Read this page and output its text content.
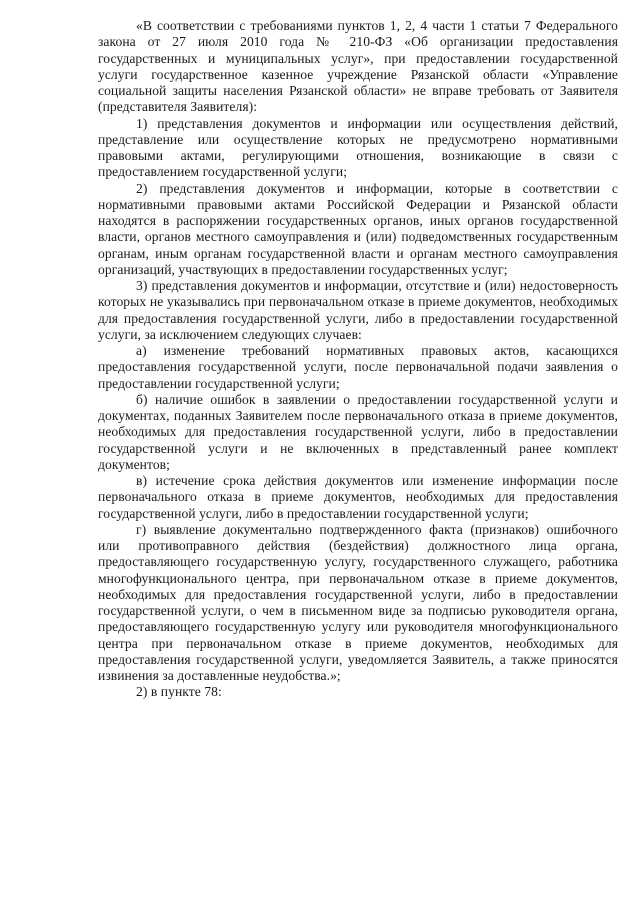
«В соответствии с требованиями пунктов 1, 2, 4 части 1 статьи 7 Федерального закона от 27 июля 2010 года № 210-ФЗ «Об организации предоставления государственных и муниципальных услуг», при предоставлении государственной услуги государственное казенное учреждение Рязанской области «Управление социальной защиты населения Рязанской области» не вправе требовать от Заявителя (представителя Заявителя):

1) представления документов и информации или осуществления действий, представление или осуществление которых не предусмотрено нормативными правовыми актами, регулирующими отношения, возникающие в связи с предоставлением государственной услуги;

2) представления документов и информации, которые в соответствии с нормативными правовыми актами Российской Федерации и Рязанской области находятся в распоряжении государственных органов, иных органов государственной власти, органов местного самоуправления и (или) подведомственных государственным органам, иным органам государственной власти и органам местного самоуправления организаций, участвующих в предоставлении государственных услуг;

3) представления документов и информации, отсутствие и (или) недостоверность которых не указывались при первоначальном отказе в приеме документов, необходимых для предоставления государственной услуги, либо в предоставлении государственной услуги, за исключением следующих случаев:

а) изменение требований нормативных правовых актов, касающихся предоставления государственной услуги, после первоначальной подачи заявления о предоставлении государственной услуги;

б) наличие ошибок в заявлении о предоставлении государственной услуги и документах, поданных Заявителем после первоначального отказа в приеме документов, необходимых для предоставления государственной услуги, либо в предоставлении государственной услуги и не включенных в представленный ранее комплект документов;

в) истечение срока действия документов или изменение информации после первоначального отказа в приеме документов, необходимых для предоставления государственной услуги, либо в предоставлении государственной услуги;

г) выявление документально подтвержденного факта (признаков) ошибочного или противоправного действия (бездействия) должностного лица органа, предоставляющего государственную услугу, государственного служащего, работника многофункционального центра, при первоначальном отказе в приеме документов, необходимых для предоставления государственной услуги, либо в предоставлении государственной услуги, о чем в письменном виде за подписью руководителя органа, предоставляющего государственную услугу или руководителя многофункционального центра при первоначальном отказе в приеме документов, необходимых для предоставления государственной услуги, уведомляется Заявитель, а также приносятся извинения за доставленные неудобства.»;

2) в пункте 78:
